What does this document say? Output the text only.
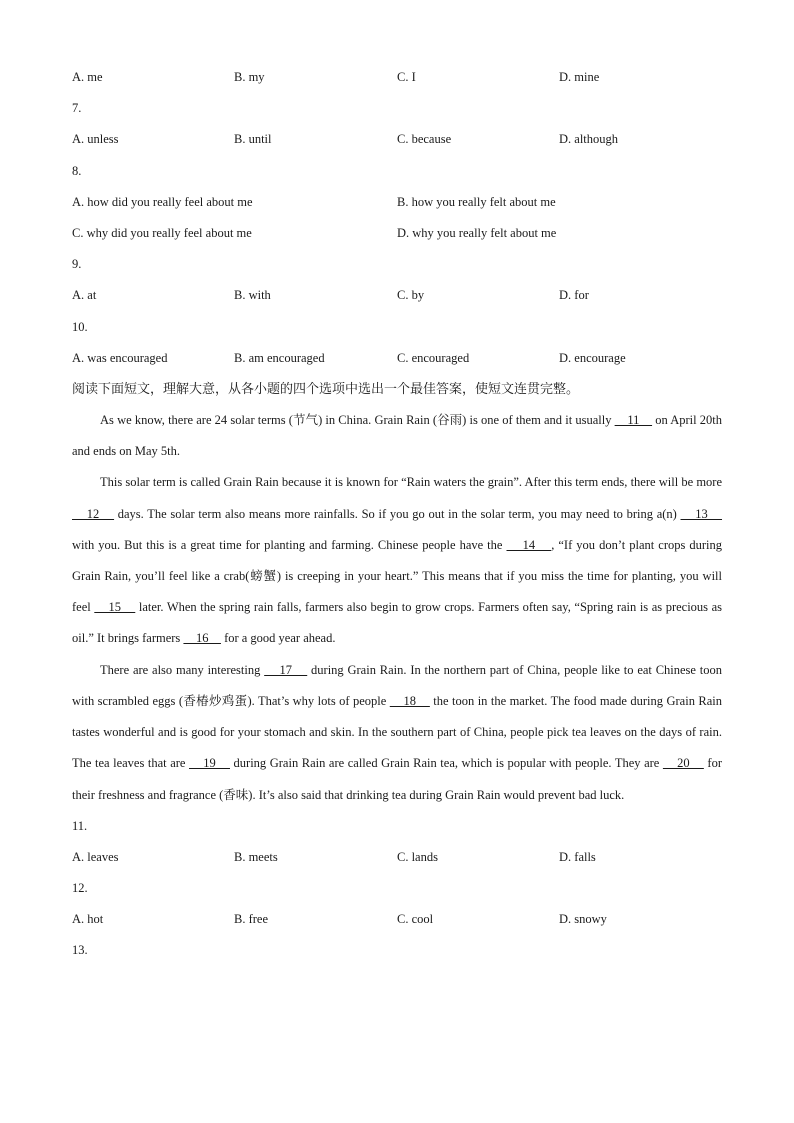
A. me	B. my	C. I	D. mine
7.
A. unless	B. until	C. because	D. although
8.
A. how did you really feel about me	B. how you really felt about me
C. why did you really feel about me	D. why you really felt about me
9.
A. at	B. with	C. by	D. for
10.
A. was encouraged	B. am encouraged	C. encouraged	D. encourage
阅读下面短文，理解大意，从各小题的四个选项中选出一个最佳答案，使短文连贯完整。

As we know, there are 24 solar terms (节气) in China. Grain Rain (谷雨) is one of them and it usually     11     on April 20th and ends on May 5th.

This solar term is called Grain Rain because it is known for “Rain waters the grain”. After this term ends, there will be more     12     days. The solar term also means more rainfalls. So if you go out in the solar term, you may need to bring a(n)     13     with you. But this is a great time for planting and farming. Chinese people have the     14    , “If you don’t plant crops during Grain Rain, you’ll feel like a crab(螃蟹) is creeping in your heart.” This means that if you miss the time for planting, you will feel     15     later. When the spring rain falls, farmers also begin to grow crops. Farmers often say, “Spring rain is as precious as oil.” It brings farmers     16     for a good year ahead.

There are also many interesting     17     during Grain Rain. In the northern part of China, people like to eat Chinese toon with scrambled eggs (香椿炒鸡蛋). That’s why lots of people     18     the toon in the market. The food made during Grain Rain tastes wonderful and is good for your stomach and skin. In the southern part of China, people pick tea leaves on the days of rain. The tea leaves that are     19     during Grain Rain are called Grain Rain tea, which is popular with people. They are     20     for their freshness and fragrance (香味). It’s also said that drinking tea during Grain Rain would prevent bad luck.

11.
A. leaves	B. meets	C. lands	D. falls
12.
A. hot	B. free	C. cool	D. snowy
13.
